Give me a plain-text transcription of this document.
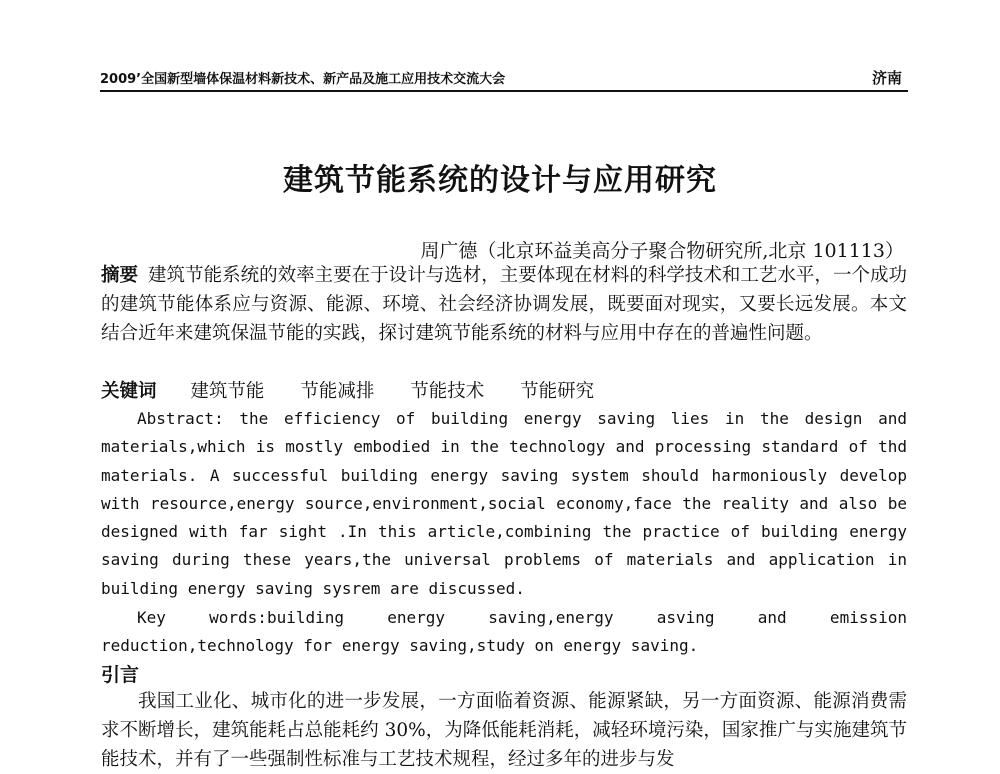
2009’全国新型墙体保温材料新技术、新产品及施工应用技术交流大会	济南
建筑节能系统的设计与应用研究
周广德（北京环益美高分子聚合物研究所,北京 101113）
摘要 建筑节能系统的效率主要在于设计与选材，主要体现在材料的科学技术和工艺水平，一个成功的建筑节能体系应与资源、能源、环境、社会经济协调发展，既要面对现实，又要长远发展。本文结合近年来建筑保温节能的实践，探讨建筑节能系统的材料与应用中存在的普遍性问题。
关键词 建筑节能 节能减排 节能技术 节能研究
Abstract: the efficiency of building energy saving lies in the design and materials,which is mostly embodied in the technology and processing standard of thd materials. A successful building energy saving system should harmoniously develop with resource,energy source,environment,social economy,face the reality and also be designed with far sight .In this article,combining the practice of building energy saving during these years,the universal problems of materials and application in building energy saving sysrem are discussed.
Key words:building energy saving,energy asving and emission reduction,technology for energy saving,study on energy saving.
引言
我国工业化、城市化的进一步发展，一方面临着资源、能源紧缺，另一方面资源、能源消费需求不断增长，建筑能耗占总能耗约 30%，为降低能耗消耗，减轻环境污染，国家推广与实施建筑节能技术，并有了一些强制性标准与工艺技术规程，经过多年的进步与发
